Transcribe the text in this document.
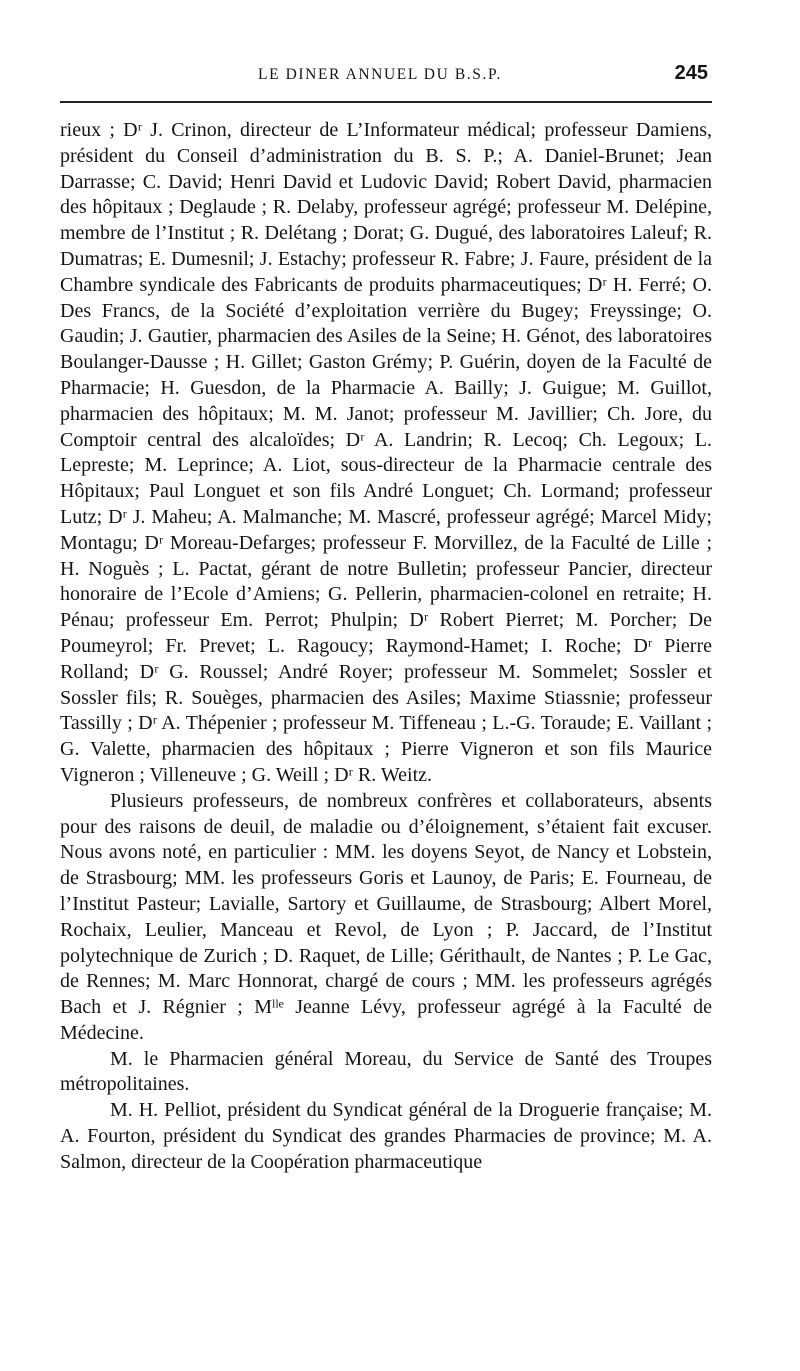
LE DINER ANNUEL DU B.S.P.	245

rieux ; Dʳ J. Crinon, directeur de L’Informateur médical; professeur Damiens, président du Conseil d’administration du B. S. P.; A. Daniel-Brunet; Jean Darrasse; C. David; Henri David et Ludovic David; Robert David, pharmacien des hôpitaux ; Deglaude ; R. Delaby, professeur agrégé; professeur M. Delépine, membre de l’Institut ; R. Delétang ; Dorat; G. Dugué, des laboratoires Laleuf; R. Dumatras; E. Dumesnil; J. Estachy; professeur R. Fabre; J. Faure, président de la Chambre syndicale des Fabricants de produits pharmaceutiques; Dʳ H. Ferré; O. Des Francs, de la Société d’exploitation verrière du Bugey; Freyssinge; O. Gaudin; J. Gautier, pharmacien des Asiles de la Seine; H. Génot, des laboratoires Boulanger-Dausse ; H. Gillet; Gaston Grémy; P. Guérin, doyen de la Faculté de Pharmacie; H. Guesdon, de la Pharmacie A. Bailly; J. Guigue; M. Guillot, pharmacien des hôpitaux; M. M. Janot; professeur M. Javillier; Ch. Jore, du Comptoir central des alcaloïdes; Dʳ A. Landrin; R. Lecoq; Ch. Legoux; L. Lepreste; M. Leprince; A. Liot, sous-directeur de la Pharmacie centrale des Hôpitaux; Paul Longuet et son fils André Longuet; Ch. Lormand; professeur Lutz; Dʳ J. Maheu; A. Malmanche; M. Mascré, professeur agrégé; Marcel Midy; Montagu; Dʳ Moreau-Defarges; professeur F. Morvillez, de la Faculté de Lille ; H. Noguès ; L. Pactat, gérant de notre Bulletin; professeur Pancier, directeur honoraire de l’Ecole d’Amiens; G. Pellerin, pharmacien-colonel en retraite; H. Pénau; professeur Em. Perrot; Phulpin; Dʳ Robert Pierret; M. Porcher; De Poumeyrol; Fr. Prevet; L. Ragoucy; Raymond-Hamet; I. Roche; Dʳ Pierre Rolland; Dʳ G. Roussel; André Royer; professeur M. Sommelet; Sossler et Sossler fils; R. Souèges, pharmacien des Asiles; Maxime Stiassnie; professeur Tassilly ; Dʳ A. Thépenier ; professeur M. Tiffeneau ; L.-G. Toraude; E. Vaillant ; G. Valette, pharmacien des hôpitaux ; Pierre Vigneron et son fils Maurice Vigneron ; Villeneuve ; G. Weill ; Dʳ R. Weitz.

Plusieurs professeurs, de nombreux confrères et collaborateurs, absents pour des raisons de deuil, de maladie ou d’éloignement, s’étaient fait excuser. Nous avons noté, en particulier : MM. les doyens Seyot, de Nancy et Lobstein, de Strasbourg; MM. les professeurs Goris et Launoy, de Paris; E. Fourneau, de l’Institut Pasteur; Lavialle, Sartory et Guillaume, de Strasbourg; Albert Morel, Rochaix, Leulier, Manceau et Revol, de Lyon ; P. Jaccard, de l’Institut polytechnique de Zurich ; D. Raquet, de Lille; Gérithault, de Nantes ; P. Le Gac, de Rennes; M. Marc Honnorat, chargé de cours ; MM. les professeurs agrégés Bach et J. Régnier ; Mˡˡᵉ Jeanne Lévy, professeur agrégé à la Faculté de Médecine.

M. le Pharmacien général Moreau, du Service de Santé des Troupes métropolitaines.

M. H. Pelliot, président du Syndicat général de la Droguerie française; M. A. Fourton, président du Syndicat des grandes Pharmacies de province; M. A. Salmon, directeur de la Coopération pharmaceutique
